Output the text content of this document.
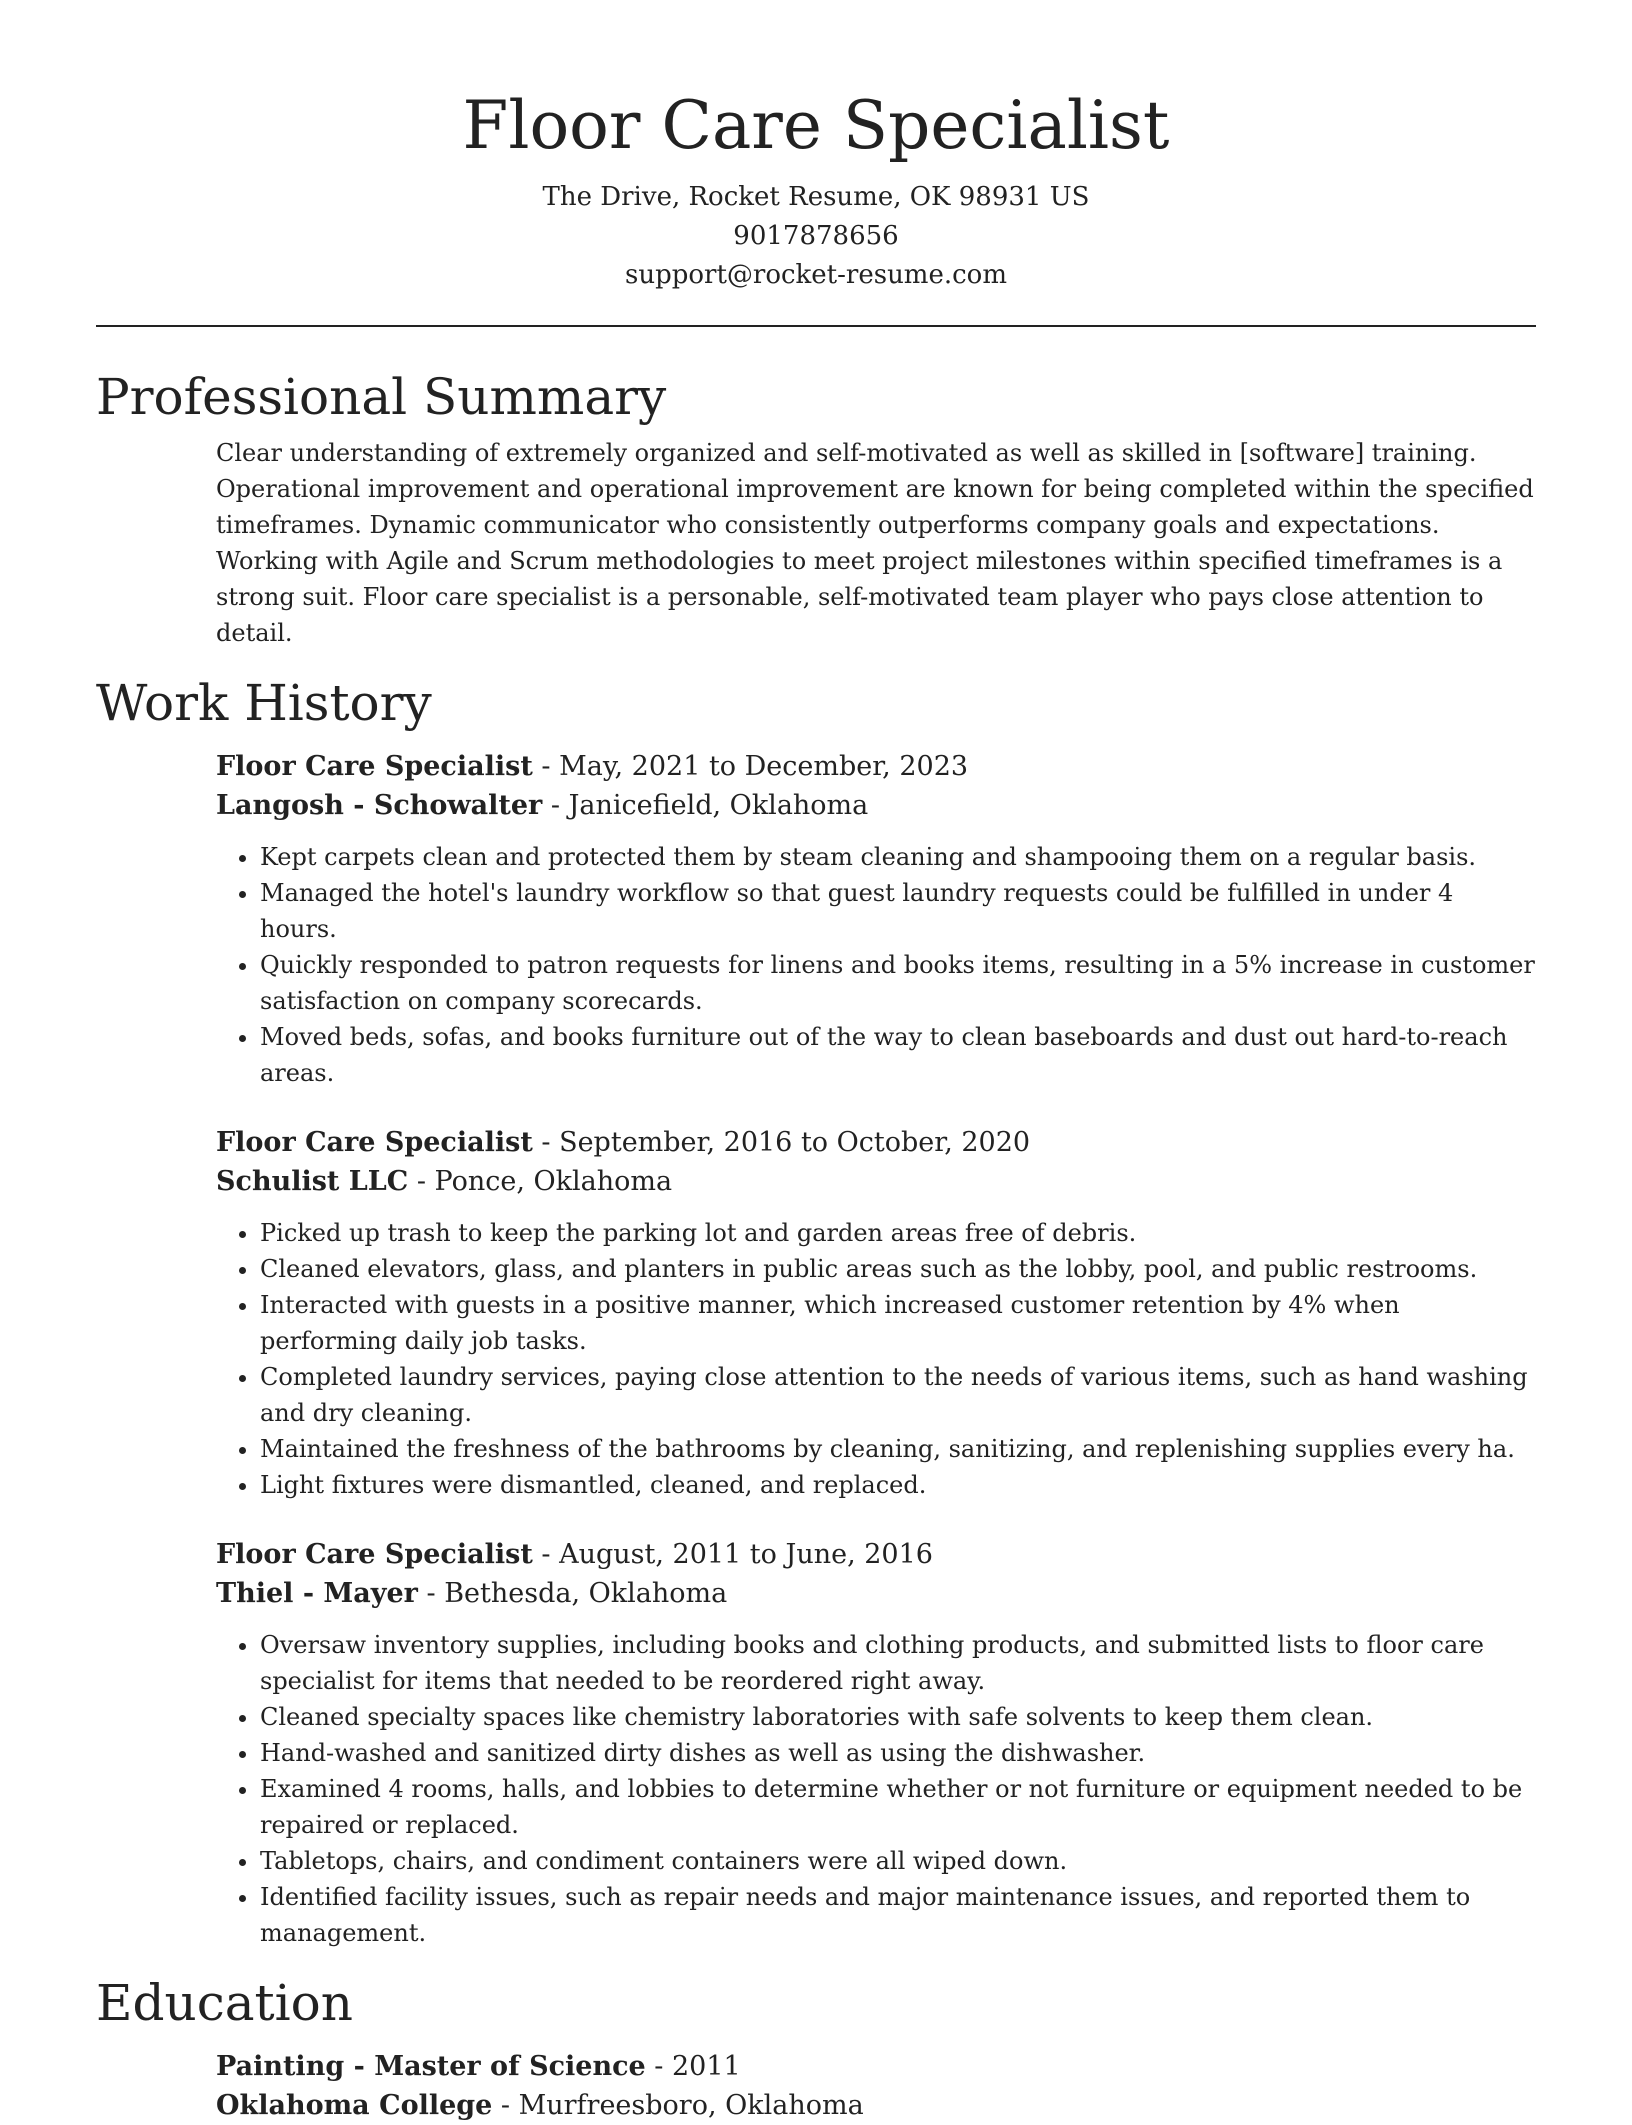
Floor Care Specialist
The Drive, Rocket Resume, OK 98931 US
9017878656
support@rocket-resume.com
Professional Summary
Clear understanding of extremely organized and self-motivated as well as skilled in [software] training. Operational improvement and operational improvement are known for being completed within the specified timeframes. Dynamic communicator who consistently outperforms company goals and expectations. Working with Agile and Scrum methodologies to meet project milestones within specified timeframes is a strong suit. Floor care specialist is a personable, self-motivated team player who pays close attention to detail.
Work History
Floor Care Specialist - May, 2021 to December, 2023
Langosh - Schowalter - Janicefield, Oklahoma
• Kept carpets clean and protected them by steam cleaning and shampooing them on a regular basis.
• Managed the hotel's laundry workflow so that guest laundry requests could be fulfilled in under 4 hours.
• Quickly responded to patron requests for linens and books items, resulting in a 5% increase in customer satisfaction on company scorecards.
• Moved beds, sofas, and books furniture out of the way to clean baseboards and dust out hard-to-reach areas.
Floor Care Specialist - September, 2016 to October, 2020
Schulist LLC - Ponce, Oklahoma
• Picked up trash to keep the parking lot and garden areas free of debris.
• Cleaned elevators, glass, and planters in public areas such as the lobby, pool, and public restrooms.
• Interacted with guests in a positive manner, which increased customer retention by 4% when performing daily job tasks.
• Completed laundry services, paying close attention to the needs of various items, such as hand washing and dry cleaning.
• Maintained the freshness of the bathrooms by cleaning, sanitizing, and replenishing supplies every ha.
• Light fixtures were dismantled, cleaned, and replaced.
Floor Care Specialist - August, 2011 to June, 2016
Thiel - Mayer - Bethesda, Oklahoma
• Oversaw inventory supplies, including books and clothing products, and submitted lists to floor care specialist for items that needed to be reordered right away.
• Cleaned specialty spaces like chemistry laboratories with safe solvents to keep them clean.
• Hand-washed and sanitized dirty dishes as well as using the dishwasher.
• Examined 4 rooms, halls, and lobbies to determine whether or not furniture or equipment needed to be repaired or replaced.
• Tabletops, chairs, and condiment containers were all wiped down.
• Identified facility issues, such as repair needs and major maintenance issues, and reported them to management.
Education
Painting - Master of Science - 2011
Oklahoma College - Murfreesboro, Oklahoma
